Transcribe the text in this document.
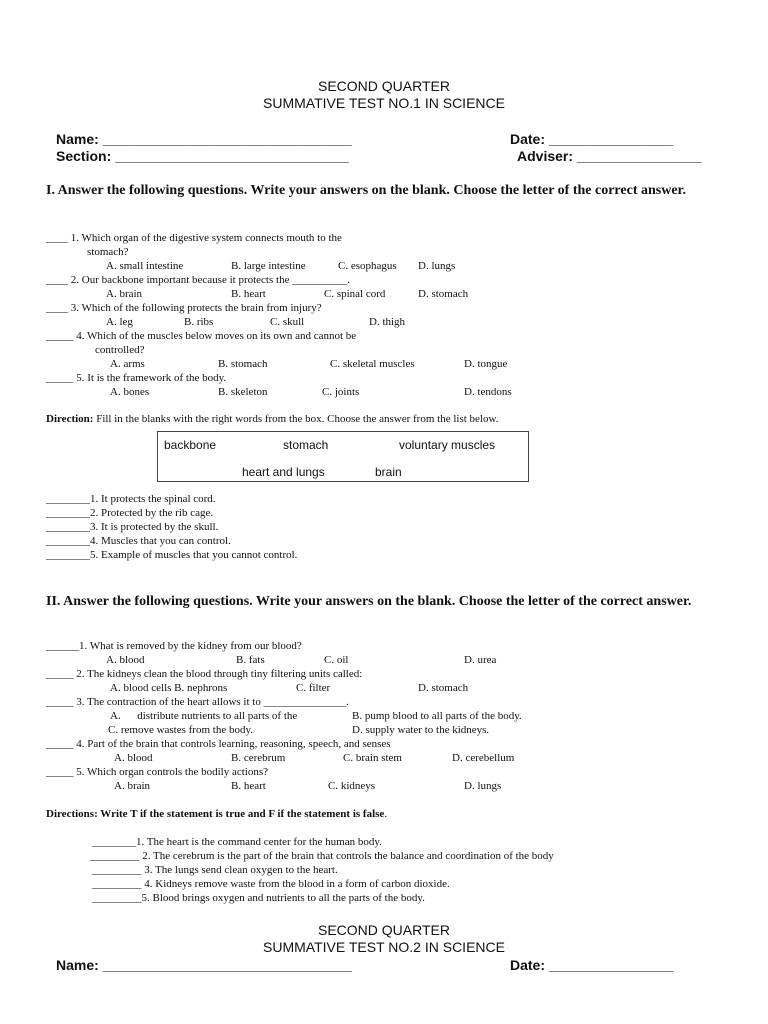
SECOND QUARTER
SUMMATIVE TEST NO.1 IN SCIENCE
Name: ________________________________	Date: ________________
Section: ______________________________	Adviser: ________________
I. Answer the following questions. Write your answers on the blank. Choose the letter of the correct answer.
____ 1. Which organ of the digestive system connects mouth to the
stomach?
A. small intestine	B. large intestine	C. esophagus D. lungs
____ 2. Our backbone important because it protects the __________.
A. brain	B. heart	C. spinal cord	D. stomach
____ 3. Which of the following protects the brain from injury?
A. leg	B. ribs	C. skull	D. thigh
_____ 4. Which of the muscles below moves on its own and cannot be
controlled?
A. arms	B. stomach	C. skeletal muscles	D. tongue
_____ 5. It is the framework of the body.
A. bones	B. skeleton	C. joints	D. tendons
Direction: Fill in the blanks with the right words from the box. Choose the answer from the list below.
backbone	stomach	voluntary muscles
heart and lungs	brain
________1. It protects the spinal cord.
________2. Protected by the rib cage.
________3. It is protected by the skull.
________4. Muscles that you can control.
________5. Example of muscles that you cannot control.
II. Answer the following questions. Write your answers on the blank. Choose the letter of the correct answer.
______1. What is removed by the kidney from our blood?
A. blood	B. fats	C. oil	D. urea
_____ 2. The kidneys clean the blood through tiny filtering units called:
A. blood cells B. nephrons	C. filter	D. stomach
_____ 3. The contraction of the heart allows it to _______________.
A.      distribute nutrients to all parts of the	B. pump blood to all parts of the body.
C. remove wastes from the body.	D. supply water to the kidneys.
_____ 4. Part of the brain that controls learning, reasoning, speech, and senses
A. blood	B. cerebrum	C. brain stem	D. cerebellum
_____ 5. Which organ controls the bodily actions?
A. brain	B. heart	C. kidneys	D. lungs
Directions: Write T if the statement is true and F if the statement is false.
________1. The heart is the command center for the human body.
_________ 2. The cerebrum is the part of the brain that controls the balance and coordination of the body
_________ 3. The lungs send clean oxygen to the heart.
_________ 4. Kidneys remove waste from the blood in a form of carbon dioxide.
_________5. Blood brings oxygen and nutrients to all the parts of the body.
SECOND QUARTER
SUMMATIVE TEST NO.2 IN SCIENCE
Name: ________________________________	Date: ________________
